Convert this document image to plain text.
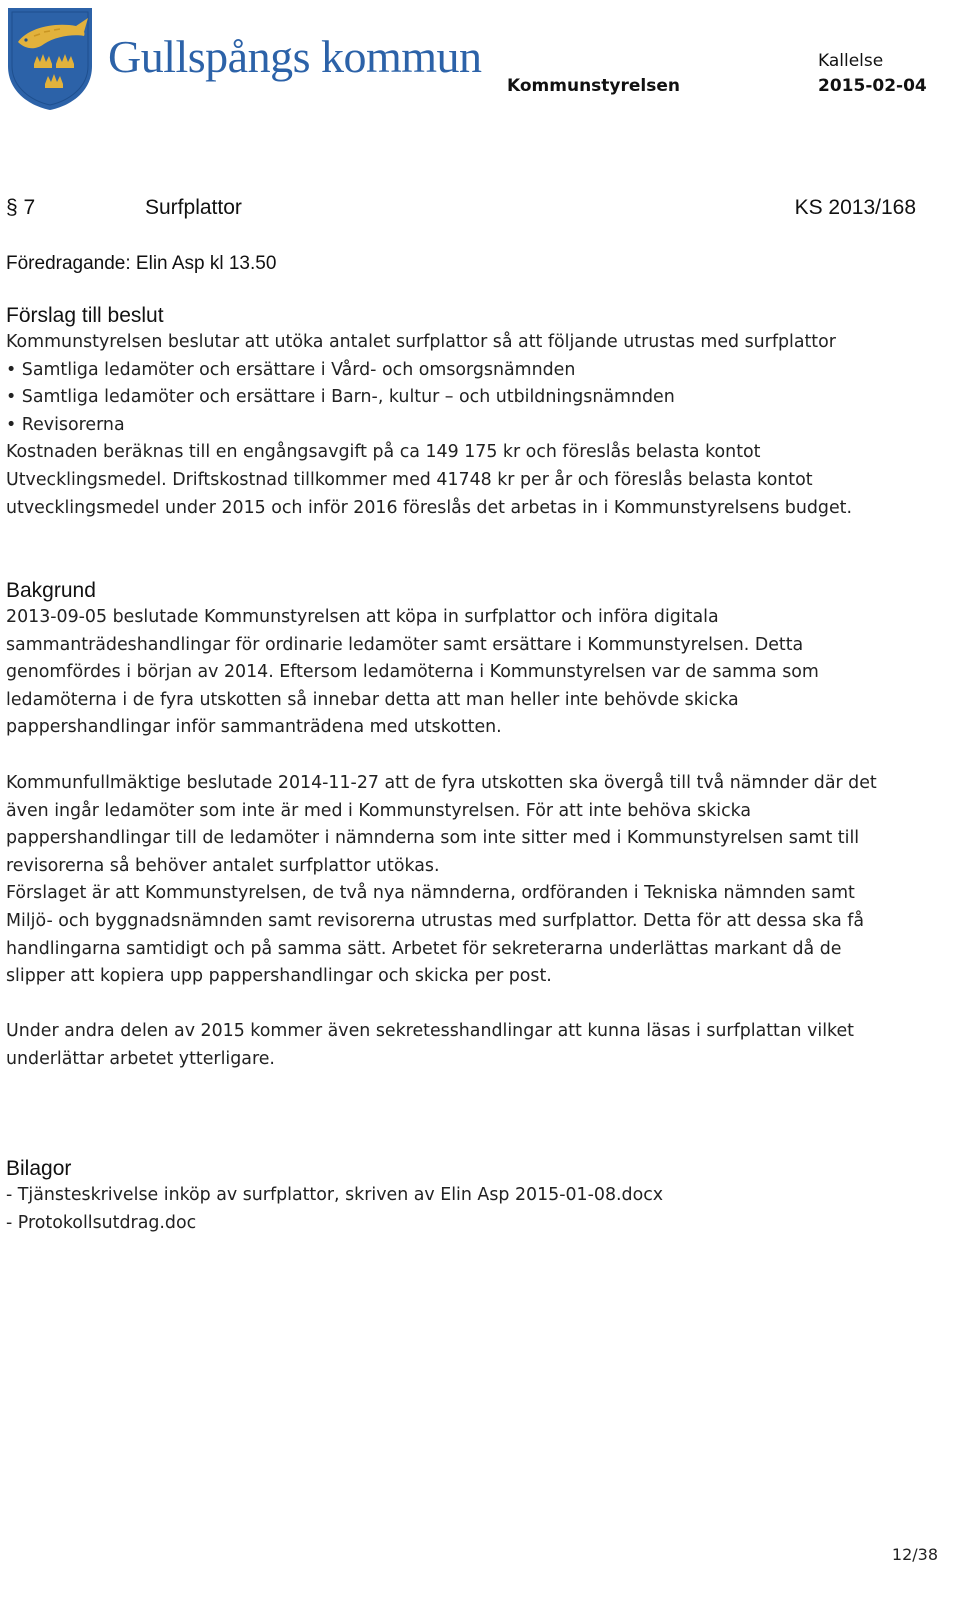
Gullspångs kommun	Kallelse
Kommunstyrelsen	2015-02-04
§ 7	Surfplattor	KS 2013/168
Föredragande: Elin Asp kl 13.50
Förslag till beslut
Kommunstyrelsen beslutar att utöka antalet surfplattor så att följande utrustas med surfplattor
• Samtliga ledamöter och ersättare i Vård- och omsorgsnämnden
• Samtliga ledamöter och ersättare i Barn-, kultur – och utbildningsnämnden
• Revisorerna
Kostnaden beräknas till en engångsavgift på ca 149 175 kr och föreslås belasta kontot
Utvecklingsmedel. Driftskostnad tillkommer med 41748 kr per år och föreslås belasta kontot
utvecklingsmedel under 2015 och inför 2016 föreslås det arbetas in i Kommunstyrelsens budget.
Bakgrund
2013-09-05 beslutade Kommunstyrelsen att köpa in surfplattor och införa digitala
sammanträdeshandlingar för ordinarie ledamöter samt ersättare i Kommunstyrelsen. Detta
genomfördes i början av 2014. Eftersom ledamöterna i Kommunstyrelsen var de samma som
ledamöterna i de fyra utskotten så innebar detta att man heller inte behövde skicka
pappershandlingar inför sammanträdena med utskotten.
Kommunfullmäktige beslutade 2014-11-27 att de fyra utskotten ska övergå till två nämnder där det
även ingår ledamöter som inte är med i Kommunstyrelsen. För att inte behöva skicka
pappershandlingar till de ledamöter i nämnderna som inte sitter med i Kommunstyrelsen samt till
revisorerna så behöver antalet surfplattor utökas.
Förslaget är att Kommunstyrelsen, de två nya nämnderna, ordföranden i Tekniska nämnden samt
Miljö- och byggnadsnämnden samt revisorerna utrustas med surfplattor. Detta för att dessa ska få
handlingarna samtidigt och på samma sätt. Arbetet för sekreterarna underlättas markant då de
slipper att kopiera upp pappershandlingar och skicka per post.
Under andra delen av 2015 kommer även sekretesshandlingar att kunna läsas i surfplattan vilket
underlättar arbetet ytterligare.
Bilagor
- Tjänsteskrivelse inköp av surfplattor, skriven av Elin Asp 2015-01-08.docx
- Protokollsutdrag.doc
12/38
